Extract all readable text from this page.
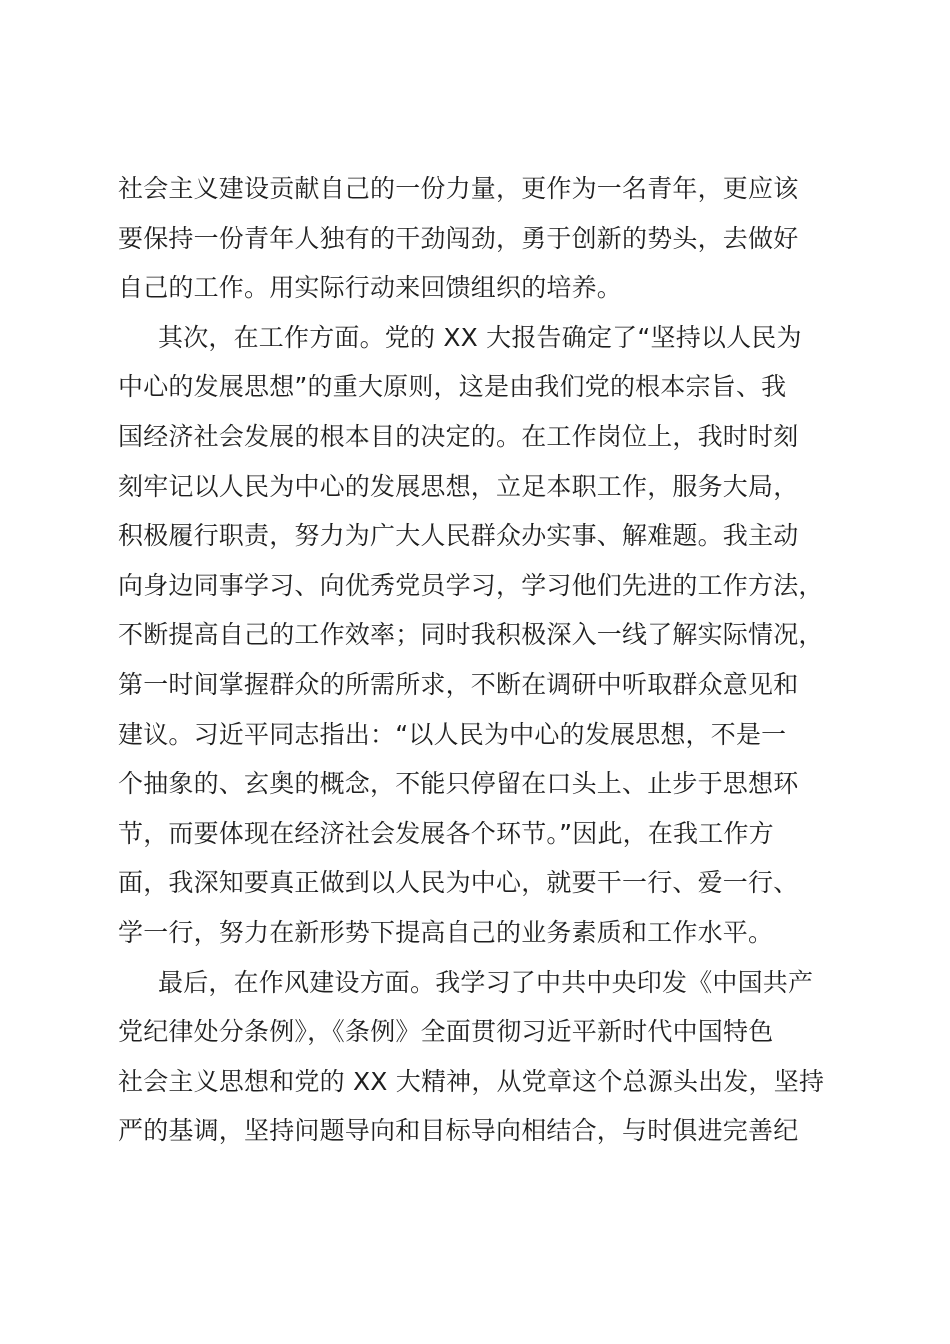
社会主义建设贡献自己的一份力量，更作为一名青年，更应该
要保持一份青年人独有的干劲闯劲，勇于创新的势头，去做好
自己的工作。用实际行动来回馈组织的培养。
其次，在工作方面。党的 XX 大报告确定了“坚持以人民为
中心的发展思想”的重大原则，这是由我们党的根本宗旨、我
国经济社会发展的根本目的决定的。在工作岗位上，我时时刻
刻牢记以人民为中心的发展思想，立足本职工作，服务大局，
积极履行职责，努力为广大人民群众办实事、解难题。我主动
向身边同事学习、向优秀党员学习，学习他们先进的工作方法，
不断提高自己的工作效率；同时我积极深入一线了解实际情况，
第一时间掌握群众的所需所求，不断在调研中听取群众意见和
建议。习近平同志指出：“以人民为中心的发展思想，不是一
个抽象的、玄奥的概念，不能只停留在口头上、止步于思想环
节，而要体现在经济社会发展各个环节。”因此，在我工作方
面，我深知要真正做到以人民为中心，就要干一行、爱一行、
学一行，努力在新形势下提高自己的业务素质和工作水平。
最后，在作风建设方面。我学习了中共中央印发《中国共产
党纪律处分条例》，《条例》全面贯彻习近平新时代中国特色
社会主义思想和党的 XX 大精神，从党章这个总源头出发，坚持
严的基调，坚持问题导向和目标导向相结合，与时俱进完善纪
